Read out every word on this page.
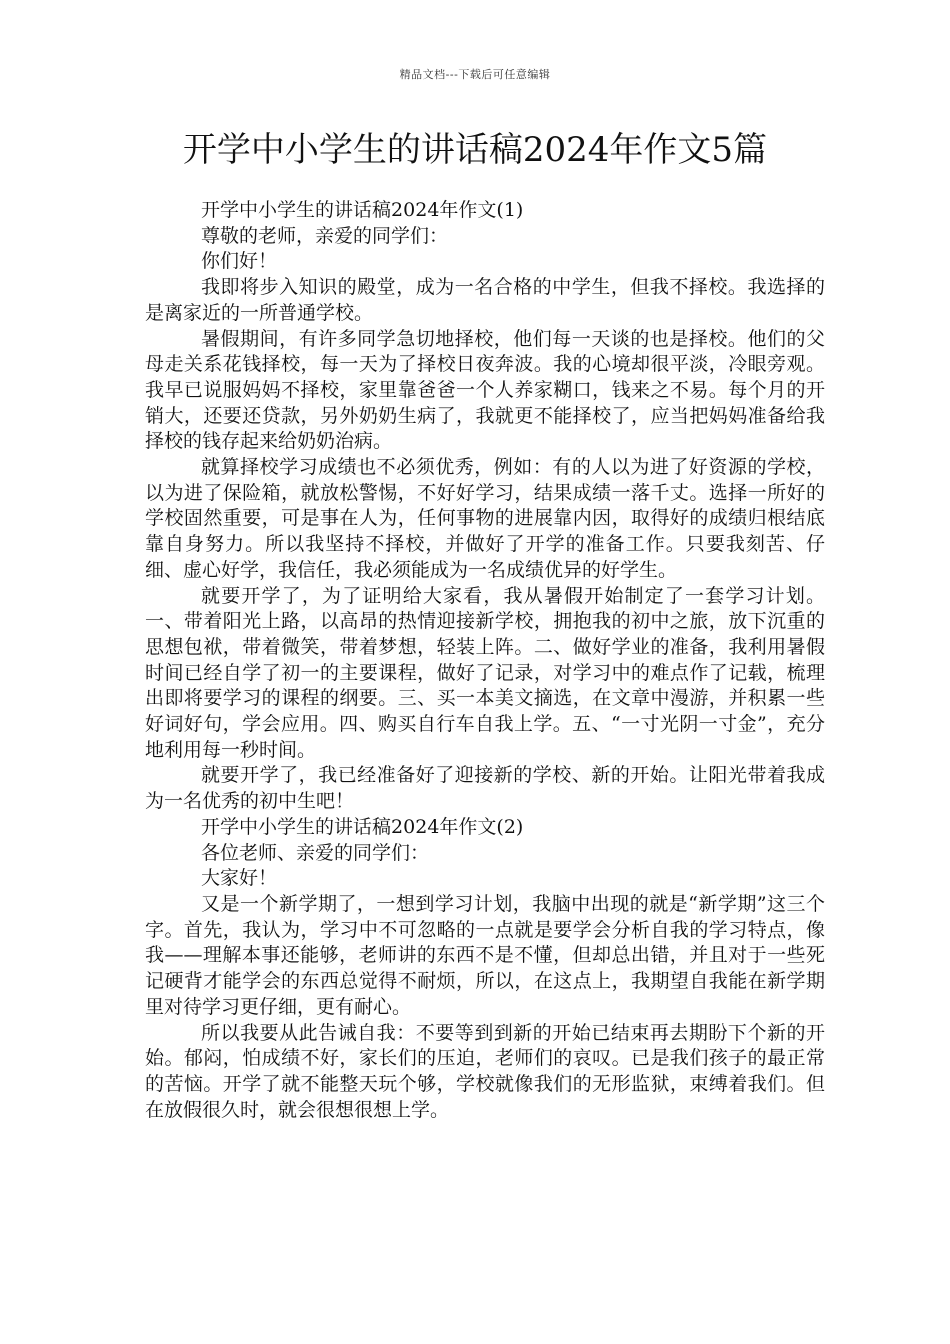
精品文档---下载后可任意编辑
开学中小学生的讲话稿2024年作文5篇

开学中小学生的讲话稿2024年作文(1)

尊敬的老师，亲爱的同学们：

你们好！

我即将步入知识的殿堂，成为一名合格的中学生，但我不择校。我选择的是离家近的一所普通学校。

暑假期间，有许多同学急切地择校，他们每一天谈的也是择校。他们的父母走关系花钱择校，每一天为了择校日夜奔波。我的心境却很平淡，冷眼旁观。我早已说服妈妈不择校，家里靠爸爸一个人养家糊口，钱来之不易。每个月的开销大，还要还贷款，另外奶奶生病了，我就更不能择校了，应当把妈妈准备给我择校的钱存起来给奶奶治病。

就算择校学习成绩也不必须优秀，例如：有的人以为进了好资源的学校，以为进了保险箱，就放松警惕，不好好学习，结果成绩一落千丈。选择一所好的学校固然重要，可是事在人为，任何事物的进展靠内因，取得好的成绩归根结底靠自身努力。所以我坚持不择校，并做好了开学的准备工作。只要我刻苦、仔细、虚心好学，我信任，我必须能成为一名成绩优异的好学生。

就要开学了，为了证明给大家看，我从暑假开始制定了一套学习计划。一、带着阳光上路，以高昂的热情迎接新学校，拥抱我的初中之旅，放下沉重的思想包袱，带着微笑，带着梦想，轻装上阵。二、做好学业的准备，我利用暑假时间已经自学了初一的主要课程，做好了记录，对学习中的难点作了记载，梳理出即将要学习的课程的纲要。三、买一本美文摘选，在文章中漫游，并积累一些好词好句，学会应用。四、购买自行车自我上学。五、“一寸光阴一寸金”，充分地利用每一秒时间。

就要开学了，我已经准备好了迎接新的学校、新的开始。让阳光带着我成为一名优秀的初中生吧！

开学中小学生的讲话稿2024年作文(2)

各位老师、亲爱的同学们：

大家好！

又是一个新学期了，一想到学习计划，我脑中出现的就是“新学期”这三个字。首先，我认为，学习中不可忽略的一点就是要学会分析自我的学习特点，像我——理解本事还能够，老师讲的东西不是不懂，但却总出错，并且对于一些死记硬背才能学会的东西总觉得不耐烦，所以，在这点上，我期望自我能在新学期里对待学习更仔细，更有耐心。

所以我要从此告诫自我：不要等到到新的开始已结束再去期盼下个新的开始。郁闷，怕成绩不好，家长们的压迫，老师们的哀叹。已是我们孩子的最正常的苦恼。开学了就不能整天玩个够，学校就像我们的无形监狱，束缚着我们。但在放假很久时，就会很想很想上学。
